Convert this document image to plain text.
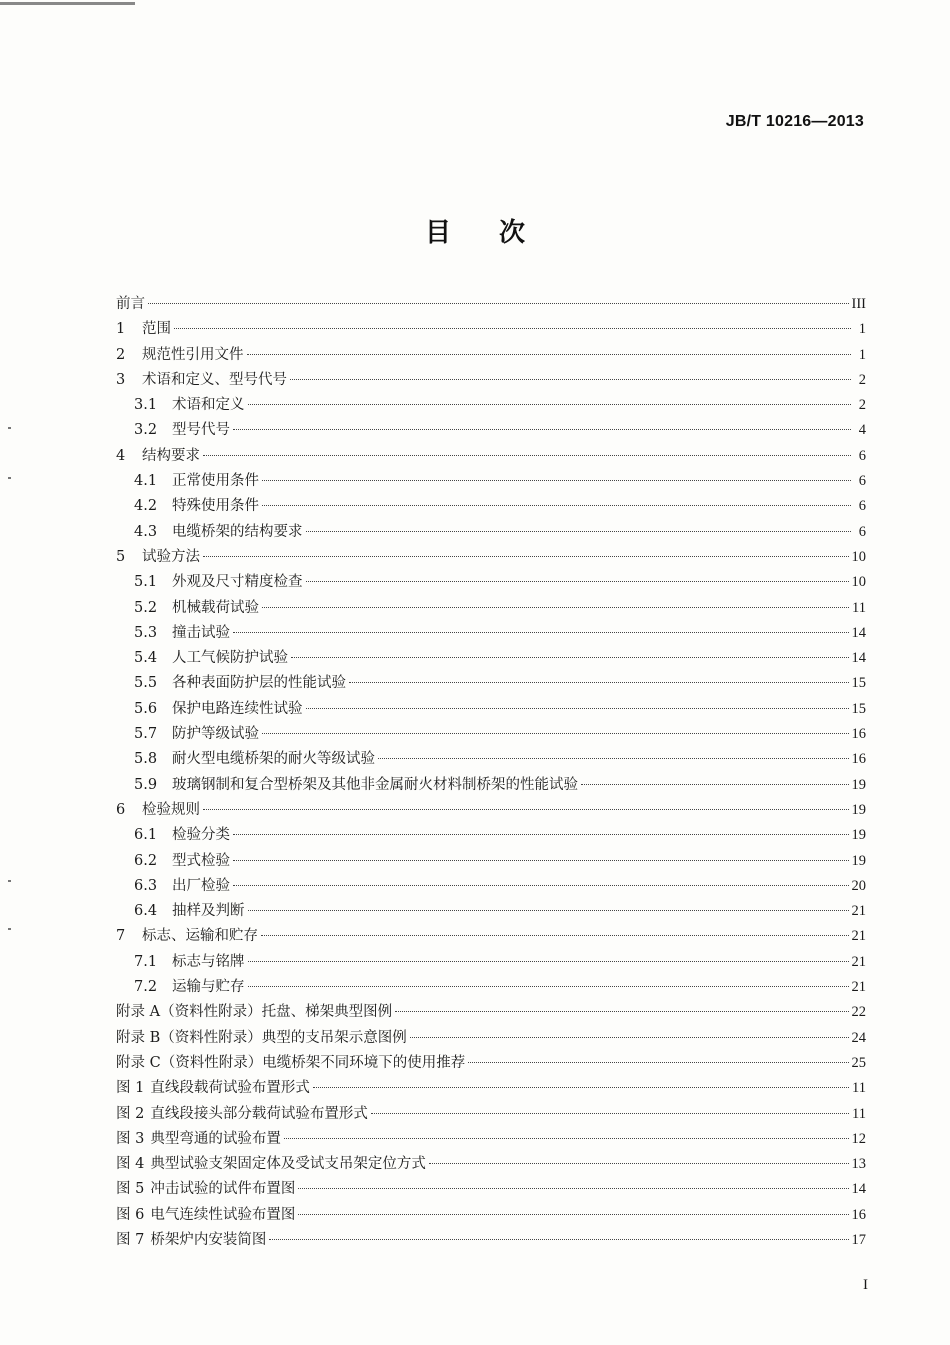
JB/T 10216—2013
目 次
前言	III
1	范围	1
2	规范性引用文件	1
3	术语和定义、型号代号	2
3.1	术语和定义	2
3.2	型号代号	4
4	结构要求	6
4.1	正常使用条件	6
4.2	特殊使用条件	6
4.3	电缆桥架的结构要求	6
5	试验方法	10
5.1	外观及尺寸精度检查	10
5.2	机械载荷试验	11
5.3	撞击试验	14
5.4	人工气候防护试验	14
5.5	各种表面防护层的性能试验	15
5.6	保护电路连续性试验	15
5.7	防护等级试验	16
5.8	耐火型电缆桥架的耐火等级试验	16
5.9	玻璃钢制和复合型桥架及其他非金属耐火材料制桥架的性能试验	19
6	检验规则	19
6.1	检验分类	19
6.2	型式检验	19
6.3	出厂检验	20
6.4	抽样及判断	21
7	标志、运输和贮存	21
7.1	标志与铭牌	21
7.2	运输与贮存	21
附录 A（资料性附录）托盘、梯架典型图例	22
附录 B（资料性附录）典型的支吊架示意图例	24
附录 C（资料性附录）电缆桥架不同环境下的使用推荐	25
图 1 直线段载荷试验布置形式	11
图 2 直线段接头部分载荷试验布置形式	11
图 3 典型弯通的试验布置	12
图 4 典型试验支架固定体及受试支吊架定位方式	13
图 5 冲击试验的试件布置图	14
图 6 电气连续性试验布置图	16
图 7 桥架炉内安装简图	17
I
